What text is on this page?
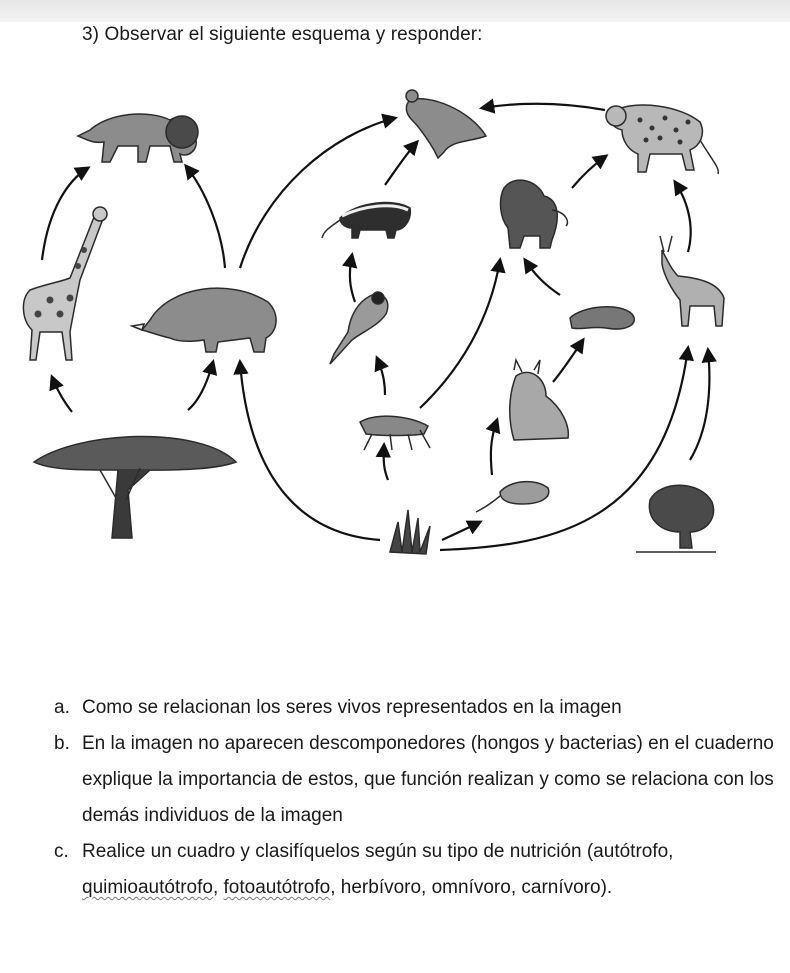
3) Observar el siguiente esquema y responder:
a. Como se relacionan los seres vivos representados en la imagen
b. En la imagen no aparecen descomponedores (hongos y bacterias) en el cuaderno explique la importancia de estos, que función realizan y como se relaciona con los demás individuos de la imagen
c. Realice un cuadro y clasifíquelos según su tipo de nutrición (autótrofo, quimioautótrofo, fotoautótrofo, herbívoro, omnívoro, carnívoro).
